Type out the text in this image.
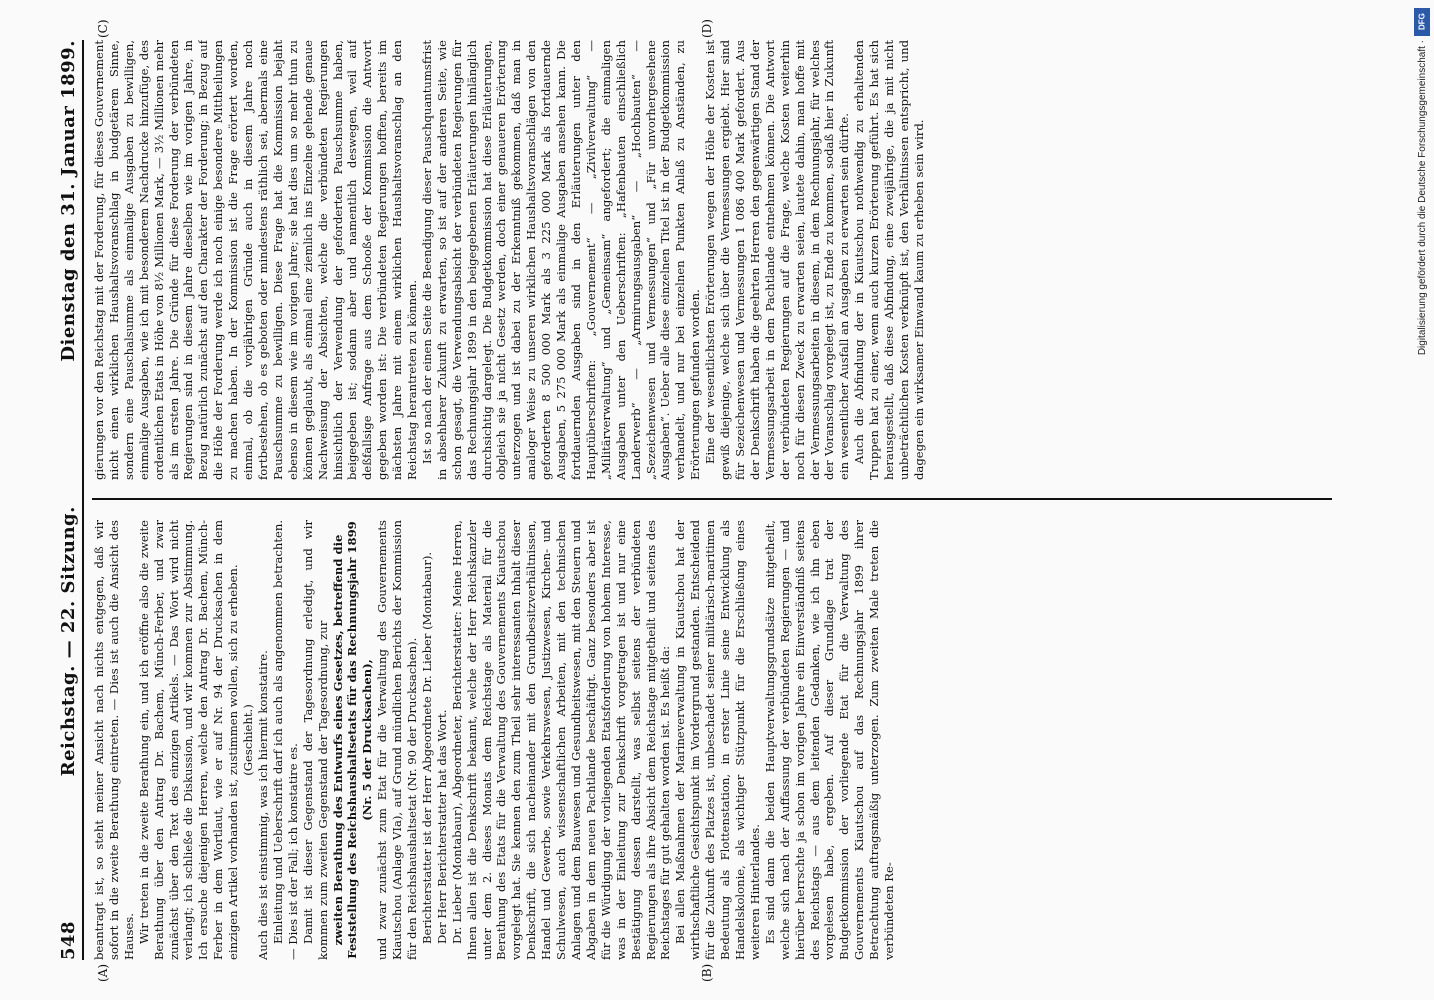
548
Reichstag. — 22. Sitzung.
Dienstag den 31. Januar 1899.

beantragt ist, so steht meiner Ansicht nach nichts entgegen, daß wir sofort in die zweite Berathung eintreten. — Dies ist auch die Ansicht des Hauses. Wir treten in die zweite Berathung ein, und ich eröffne also die zweite Berathung über den Antrag Dr. Bachem, Münch-Ferber, und zwar zunächst über den Text des einzigen Artikels. — Das Wort wird nicht verlangt; ich schließe die Diskussion, und wir kommen zur Abstimmung. Ich ersuche diejenigen Herren, welche den Antrag Dr. Bachem, Münch-Ferber in dem Wortlaut, wie er auf Nr. 94 der Drucksachen in dem einzigen Artikel vorhanden ist, zustimmen wollen, sich zu erheben. (Geschieht.) Auch dies ist einstimmig, was ich hiermit konstatire. Einleitung und Ueberschrift darf ich auch als angenommen betrachten. — Dies ist der Fall; ich konstatire es. Damit ist dieser Gegenstand der Tagesordnung erledigt, und wir kommen zum zweiten Gegenstand der Tagesordnung, zur zweiten Berathung des Entwurfs eines Gesetzes, betreffend die Feststellung des Reichshaushaltsetats für das Rechnungsjahr 1899 (Nr. 5 der Drucksachen), und zwar zunächst zum Etat für die Verwaltung des Gouvernements Kiautschou (Anlage VIa), auf Grund mündlichen Berichts der Kommission für den Reichshaushaltsetat (Nr. 90 der Drucksachen). Berichterstatter ist der Herr Abgeordnete Dr. Lieber (Montabaur). Der Herr Berichterstatter hat das Wort. Dr. Lieber (Montabaur), Abgeordneter, Berichterstatter: Meine Herren, Ihnen allen ist die Denkschrift bekannt, welche der Herr Reichskanzler unter dem 2. dieses Monats dem Reichstage als Material für die Berathung des Etats für die Verwaltung des Gouvernements Kiautschou vorgelegt hat. Sie kennen den zum Theil sehr interessanten Inhalt dieser Denkschrift, die sich nacheinander mit den Grundbesitzverhältnissen, Handel und Gewerbe, sowie Verkehrswesen, Justizwesen, Kirchen- und Schulwesen, auch wissenschaftlichen Arbeiten, mit den technischen Anlagen und dem Bauwesen und Gesundheitswesen, mit den Steuern und Abgaben in dem neuen Pachtlande beschäftigt. Ganz besonders aber ist für die Würdigung der vorliegenden Etatsforderung von hohem Interesse, was in der Einleitung zur Denkschrift vorgetragen ist und nur eine Bestätigung dessen darstellt, was selbst seitens der verbündeten Regierungen als ihre Absicht dem Reichstage mitgetheilt und seitens des Reichstages für gut gehalten worden ist. Es heißt da: Bei allen Maßnahmen der Marineverwaltung in Kiautschou hat der wirthschaftliche Gesichtspunkt im Vordergrund gestanden. Entscheidend für die Zukunft des Platzes ist, unbeschadet seiner militärisch-maritimen Bedeutung als Flottenstation, in erster Linie seine Entwicklung als Handelskolonie, als wichtiger Stützpunkt für die Erschließung eines weiteren Hinterlandes. Es sind dann die beiden Hauptverwaltungsgrundsätze mitgetheilt, welche sich nach der Auffassung der verbündeten Regierungen — und hierüber herrschte ja schon im vorigen Jahre ein Einverständniß seitens des Reichstags — aus dem leitenden Gedanken, wie ich ihn eben vorgelesen habe, ergeben. Auf dieser Grundlage trat der Budgetkommission der vorliegende Etat für die Verwaltung des Gouvernements Kiautschou auf das Rechnungsjahr 1899 ihrer Betrachtung auftragsmäßig unterzogen. Zum zweiten Male treten die verbündeten Re-

gierungen vor den Reichstag mit der Forderung, für dieses Gouvernement nicht einen wirklichen Haushaltsvoranschlag in budgetärem Sinne, sondern eine Pauschalsumme als einmalige Ausgaben zu bewilligen, einmalige Ausgaben, wie ich mit besonderem Nachdrucke hinzufüge, des ordentlichen Etats in Höhe von 8½ Millionen Mark, — 3½ Millionen mehr als im ersten Jahre. Die Gründe für diese Forderung der verbündeten Regierungen sind in diesem Jahre dieselben wie im vorigen Jahre, in Bezug natürlich zunächst auf den Charakter der Forderung; in Bezug auf die Höhe der Forderung werde ich noch einige besondere Mittheilungen zu machen haben. In der Kommission ist die Frage erörtert worden, einmal, ob die vorjährigen Gründe auch in diesem Jahre noch fortbestehen, ob es geboten oder mindestens räthlich sei, abermals eine Pauschsumme zu bewilligen. Diese Frage hat die Kommission bejaht ebenso in diesem wie im vorigen Jahre; sie hat dies um so mehr thun zu können geglaubt, als einmal eine ziemlich ins Einzelne gehende genaue Nachweisung der Absichten, welche die verbündeten Regierungen hinsichtlich der Verwendung der geforderten Pauschsumme haben, beigegeben ist; sodann aber und namentlich deswegen, weil auf deßfallsige Anfrage aus dem Schooße der Kommission die Antwort gegeben worden ist: Die verbündeten Regierungen hofften, bereits im nächsten Jahre mit einem wirklichen Haushaltsvoranschlag an den Reichstag herantreten zu können. Ist so nach der einen Seite die Beendigung dieser Pauschquantumsfrist in absehbarer Zukunft zu erwarten, so ist auf der anderen Seite, wie schon gesagt, die Verwendungsabsicht der verbündeten Regierungen für das Rechnungsjahr 1899 in den beigegebenen Erläuterungen hinlänglich durchsichtig dargelegt. Die Budgetkommission hat diese Erläuterungen, obgleich sie ja nicht Gesetz werden, doch einer genaueren Erörterung unterzogen und ist dabei zu der Erkenntniß gekommen, daß man in analoger Weise zu unseren wirklichen Haushaltsvoranschlägen von den geforderten 8 500 000 Mark als 3 225 000 Mark als fortdauernde Ausgaben, 5 275 000 Mark als einmalige Ausgaben ansehen kann. Die fortdauernden Ausgaben sind in den Erläuterungen unter den Hauptüberschriften: „Gouvernement“ — „Zivilverwaltung“ — „Militärverwaltung“ und „Gemeinsam“ angefordert; die einmaligen Ausgaben unter den Ueberschriften: „Hafenbauten einschließlich Landerwerb“ — „Armirungsausgaben“ — „Hochbauten“ — „Sezeichenwesen und Vermessungen“ und „Für unvorhergesehene Ausgaben“. Ueber alle diese einzelnen Titel ist in der Budgetkommission verhandelt, und nur bei einzelnen Punkten Anlaß zu Anständen, zu Erörterungen gefunden worden. Eine der wesentlichsten Erörterungen wegen der Höhe der Kosten ist gewiß diejenige, welche sich über die Vermessungen ergiebt. Hier sind für Sezeichenwesen und Vermessungen 1 086 400 Mark gefordert. Aus der Denkschrift haben die geehrten Herren den gegenwärtigen Stand der Vermessungsarbeit in dem Pachtlande entnehmen können. Die Antwort der verbündeten Regierungen auf die Frage, welche Kosten weiterhin noch für diesen Zweck zu erwarten seien, lautete dahin, man hoffe mit der Vermessungsarbeiten in diesem, in dem Rechnungsjahr, für welches der Voranschlag vorgelegt ist, zu Ende zu kommen, sodaß hier in Zukunft ein wesentlicher Ausfall an Ausgaben zu erwarten sein dürfte. Auch die Abfindung der in Kiautschou nothwendig zu erhaltenden Truppen hat zu einer, wenn auch kurzen Erörterung geführt. Es hat sich herausgestellt, daß diese Abfindung, eine zweijährige, die ja mit nicht unbeträchtlichen Kosten verknüpft ist, den Verhältnissen entspricht, und dagegen ein wirksamer Einwand kaum zu erheben sein wird.

(A)	(B)
(C)	(D)	DFG
Digitalisierung gefördert durch die Deutsche Forschungsgemeinschaft ·
